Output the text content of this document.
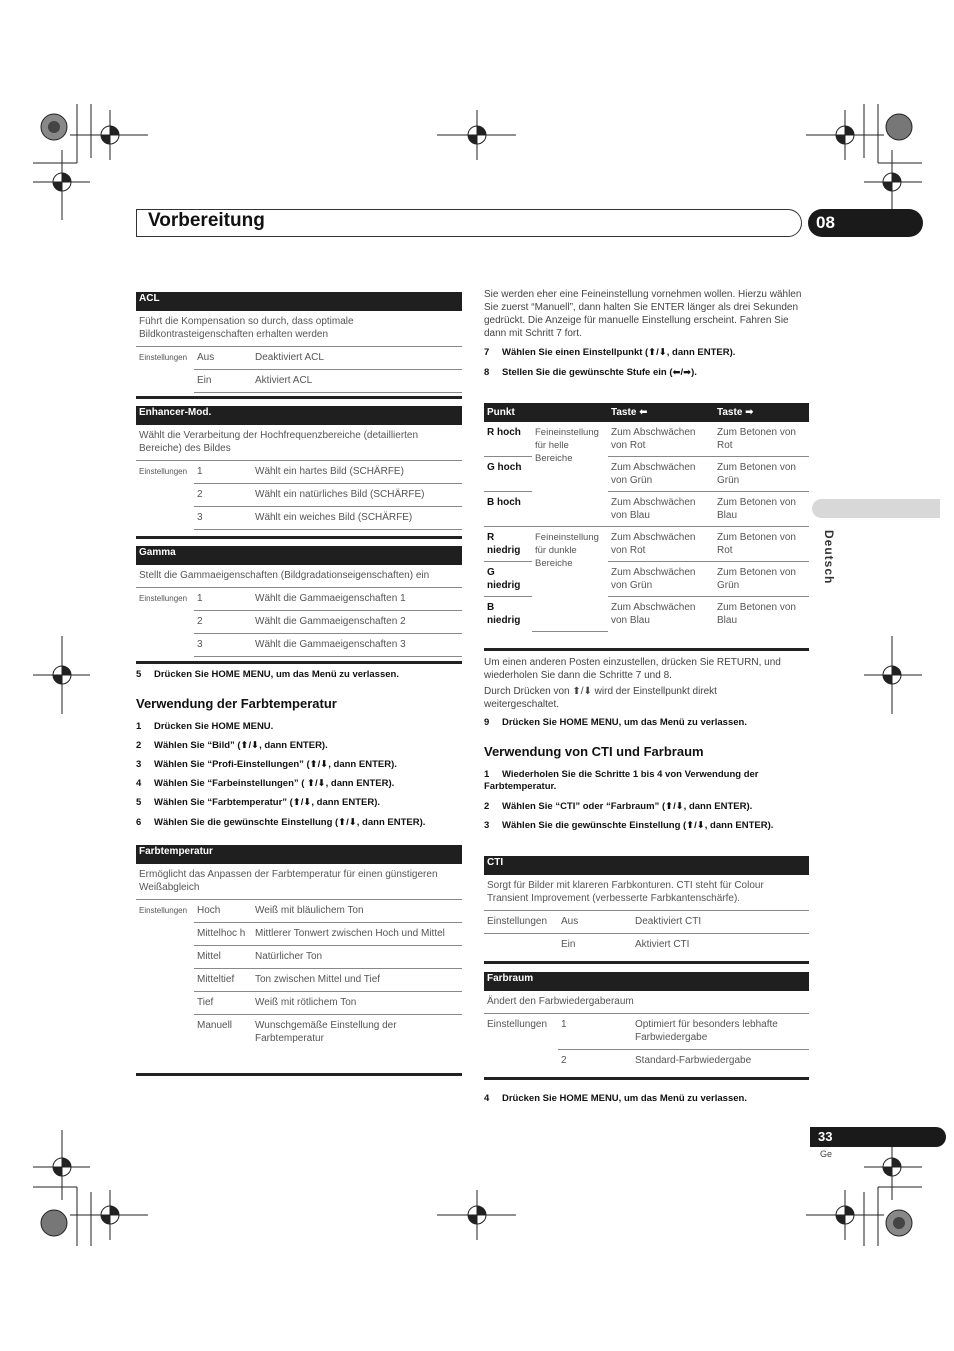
Vorbereitung	08
Deutsch
ACL		
Führt die Kompensation so durch, dass optimale Bildkontrasteigenschaften erhalten werden		
Einstellungen	Aus	Deaktiviert ACL
	Ein	Aktiviert ACL
Enhancer-Mod.		
Wählt die Verarbeitung der Hochfrequenzbereiche (detaillierten Bereiche) des Bildes		
Einstellungen	1	Wählt ein hartes Bild (SCHÄRFE)
	2	Wählt ein natürliches Bild (SCHÄRFE)
	3	Wählt ein weiches Bild (SCHÄRFE)
Gamma		
Stellt die Gammaeigenschaften (Bildgradationseigenschaften) ein		
Einstellungen	1	Wählt die Gammaeigenschaften 1
	2	Wählt die Gammaeigenschaften 2
	3	Wählt die Gammaeigenschaften 3
5 Drücken Sie HOME MENU, um das Menü zu verlassen.
Verwendung der Farbtemperatur
1 Drücken Sie HOME MENU.
2 Wählen Sie “Bild” (⬆/⬇, dann ENTER).
3 Wählen Sie “Profi-Einstellungen” (⬆/⬇, dann ENTER).
4 Wählen Sie “Farbeinstellungen” ( ⬆/⬇, dann ENTER).
5 Wählen Sie “Farbtemperatur” (⬆/⬇, dann ENTER).
6 Wählen Sie die gewünschte Einstellung (⬆/⬇, dann ENTER).
Farbtemperatur		
Ermöglicht das Anpassen der Farbtemperatur für einen günstigeren Weißabgleich		
Einstellungen	Hoch	Weiß mit bläulichem Ton
	Mittelhoc h	Mittlerer Tonwert zwischen Hoch und Mittel
	Mittel	Natürlicher Ton
	Mitteltief	Ton zwischen Mittel und Tief
	Tief	Weiß mit rötlichem Ton
	Manuell	Wunschgemäße Einstellung der Farbtemperatur
Sie werden eher eine Feineinstellung vornehmen wollen. Hierzu wählen Sie zuerst “Manuell”, dann halten Sie ENTER länger als drei Sekunden gedrückt. Die Anzeige für manuelle Einstellung erscheint. Fahren Sie dann mit Schritt 7 fort.
7 Wählen Sie einen Einstellpunkt (⬆/⬇, dann ENTER).
8 Stellen Sie die gewünschte Stufe ein (⬅/➡).
Punkt		Taste ⬅	Taste ➡
R hoch	Feineinstellung für helle Bereiche	Zum Abschwächen von Rot	Zum Betonen von Rot
G hoch		Zum Abschwächen von Grün	Zum Betonen von Grün
B hoch		Zum Abschwächen von Blau	Zum Betonen von Blau
R niedrig	Feineinstellung für dunkle Bereiche	Zum Abschwächen von Rot	Zum Betonen von Rot
G niedrig		Zum Abschwächen von Grün	Zum Betonen von Grün
B niedrig		Zum Abschwächen von Blau	Zum Betonen von Blau
Um einen anderen Posten einzustellen, drücken Sie RETURN, und wiederholen Sie dann die Schritte 7 und 8.
Durch Drücken von ⬆/⬇ wird der Einstellpunkt direkt weitergeschaltet.
9 Drücken Sie HOME MENU, um das Menü zu verlassen.
Verwendung von CTI und Farbraum
1 Wiederholen Sie die Schritte 1 bis 4 von Verwendung der Farbtemperatur.
2 Wählen Sie “CTI” oder “Farbraum” (⬆/⬇, dann ENTER).
3 Wählen Sie die gewünschte Einstellung (⬆/⬇, dann ENTER).
CTI		
Sorgt für Bilder mit klareren Farbkonturen. CTI steht für Colour Transient Improvement (verbesserte Farbkantenschärfe).		
Einstellungen	Aus	Deaktiviert CTI
	Ein	Aktiviert CTI
Farbraum		
Ändert den Farbwiedergaberaum		
Einstellungen	1	Optimiert für besonders lebhafte Farbwiedergabe
	2	Standard-Farbwiedergabe
4 Drücken Sie HOME MENU, um das Menü zu verlassen.
33
Ge
